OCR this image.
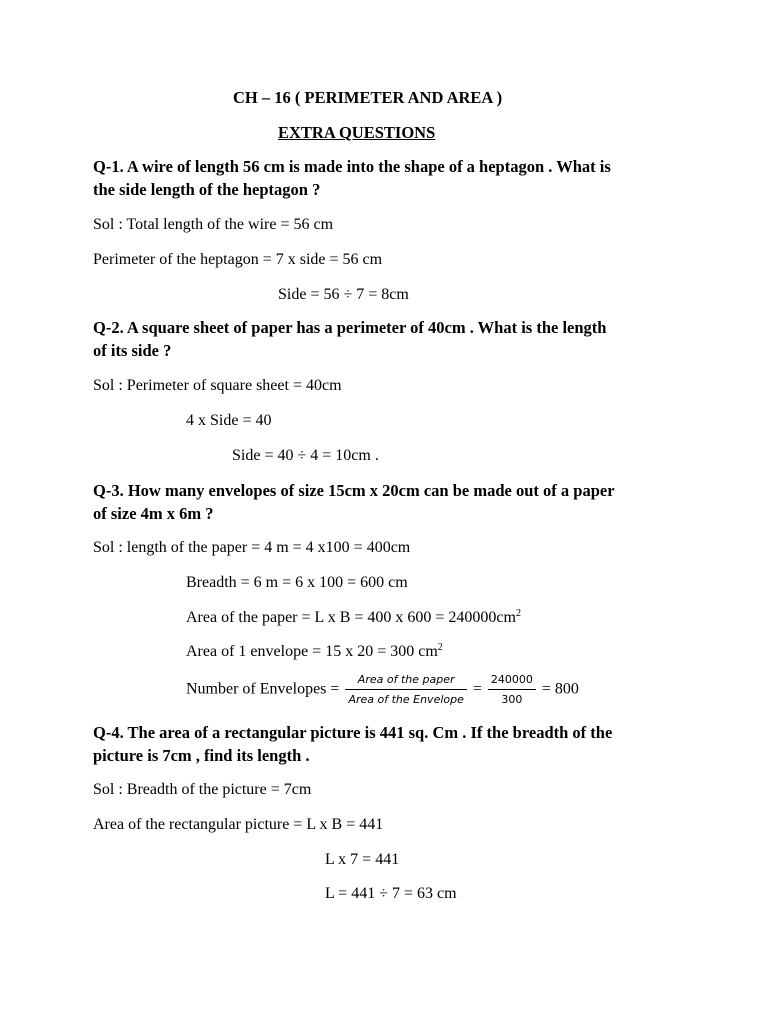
CH – 16 ( PERIMETER AND AREA )
EXTRA QUESTIONS
Q-1. A wire of length 56 cm is made into the shape of a heptagon . What is
the side length of the heptagon ?
Sol : Total length of the wire = 56 cm
Perimeter of the heptagon = 7 x side = 56 cm
Side = 56 ÷ 7 = 8cm
Q-2. A square sheet of paper has a perimeter of 40cm . What is the length
of its side ?
Sol : Perimeter of square sheet = 40cm
4 x Side = 40
Side = 40 ÷ 4 = 10cm .
Q-3. How many envelopes of size 15cm x 20cm can be made out of a paper
of size 4m x 6m ?
Sol : length of the paper = 4 m = 4 x100 = 400cm
Breadth = 6 m = 6 x 100 = 600 cm
Area of the paper = L x B = 400 x $600 = 240000cm^2$
Area of 1 envelope = 15 x 20 = 300 $cm^2$
Number of Envelopes = $\frac{\text{Area of the paper}}{\text{Area of the Envelope}} = \frac{240000}{300} = 800$
Q-4. The area of a rectangular picture is 441 sq. Cm . If the breadth of the
picture is 7cm , find its length .
Sol : Breadth of the picture = 7cm
Area of the rectangular picture = L x B = 441
L x 7 = 441
L = 441 ÷ 7 = 63 cm
